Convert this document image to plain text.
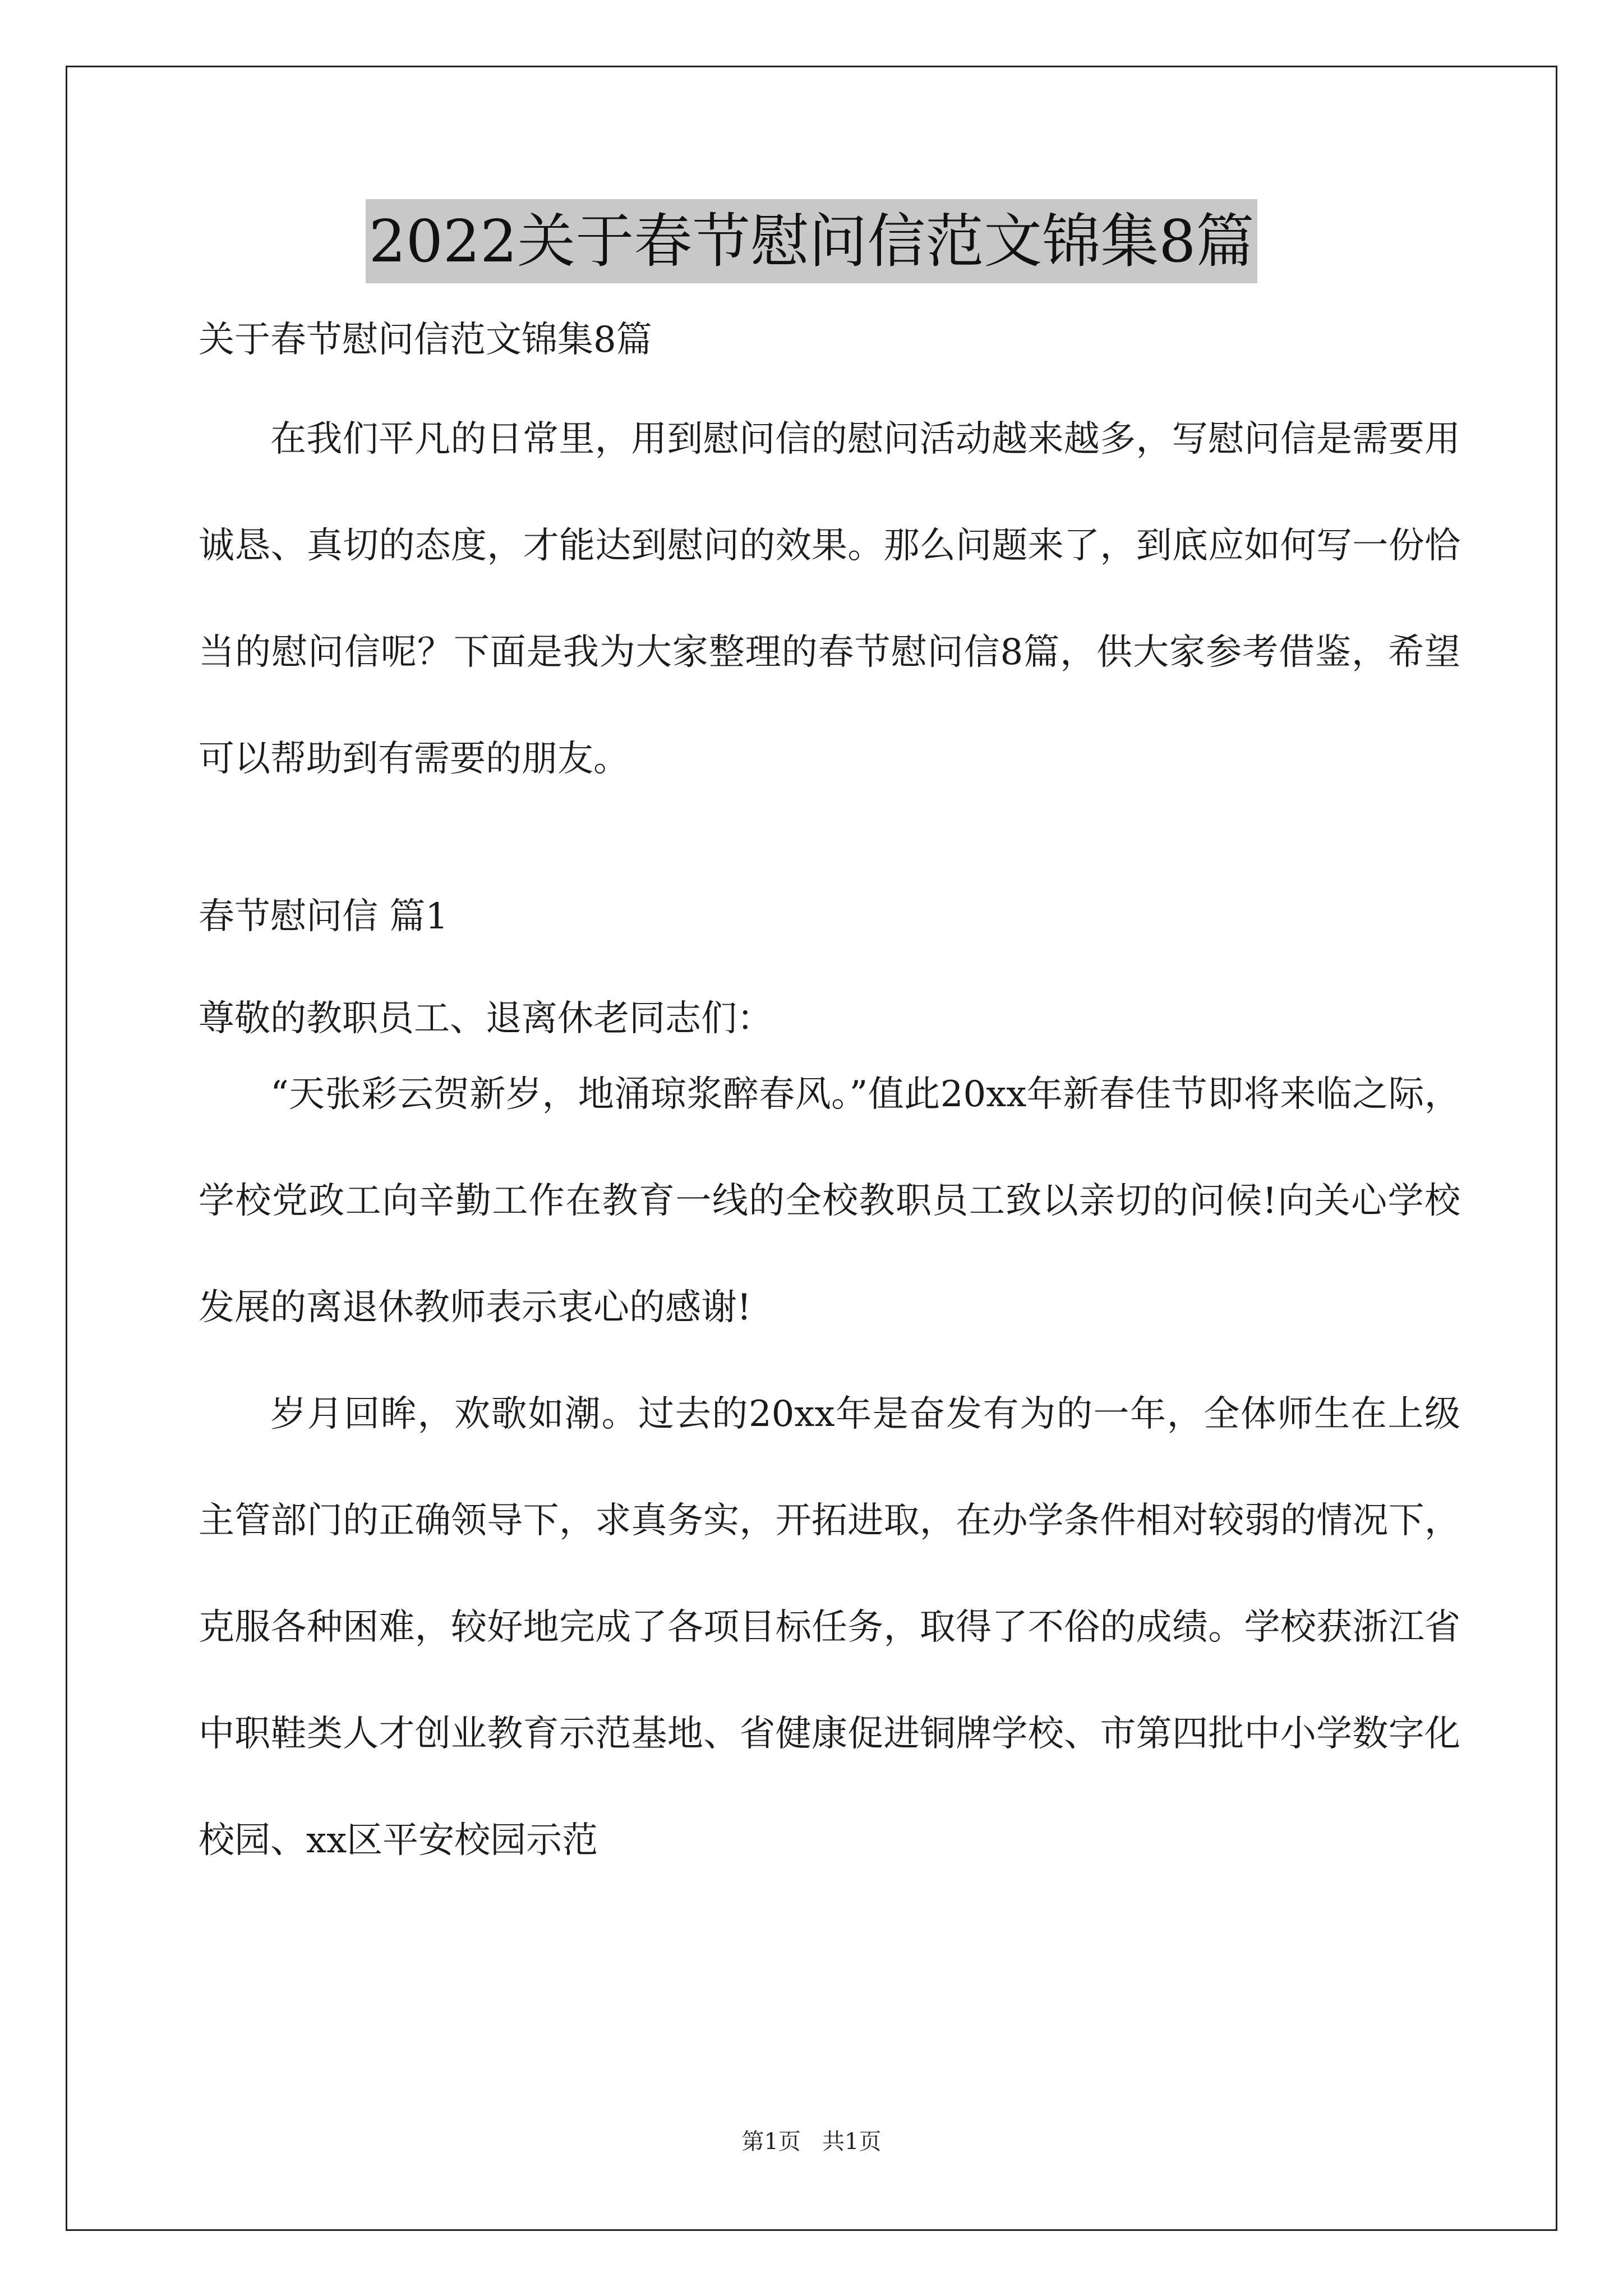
2022关于春节慰问信范文锦集8篇

关于春节慰问信范文锦集8篇

在我们平凡的日常里，用到慰问信的慰问活动越来越多，写慰问信是需要用诚恳、真切的态度，才能达到慰问的效果。那么问题来了，到底应如何写一份恰当的慰问信呢？下面是我为大家整理的春节慰问信8篇，供大家参考借鉴，希望可以帮助到有需要的朋友。

春节慰问信 篇1

尊敬的教职员工、退离休老同志们：

“天张彩云贺新岁，地涌琼浆醉春风。”值此20xx年新春佳节即将来临之际，学校党政工向辛勤工作在教育一线的全校教职员工致以亲切的问候!向关心学校发展的离退休教师表示衷心的感谢!

岁月回眸，欢歌如潮。过去的20xx年是奋发有为的一年，全体师生在上级主管部门的正确领导下，求真务实，开拓进取，在办学条件相对较弱的情况下，克服各种困难，较好地完成了各项目标任务，取得了不俗的成绩。学校获浙江省中职鞋类人才创业教育示范基地、省健康促进铜牌学校、市第四批中小学数字化校园、xx区平安校园示范

第1页   共1页
